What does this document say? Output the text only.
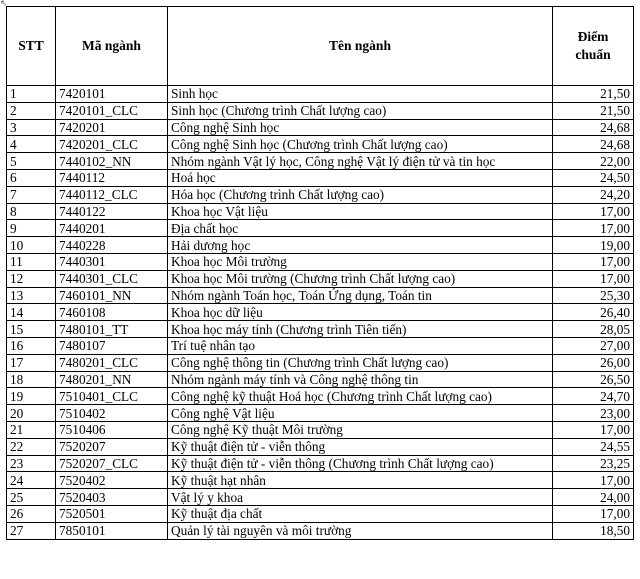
↖
STT	Mã ngành	Tên ngành	Điểm
chuẩn

1	7420101	Sinh học	21,50
2	7420101_CLC	Sinh học (Chương trình Chất lượng cao)	21,50
3	7420201	Công nghệ Sinh học	24,68
4	7420201_CLC	Công nghệ Sinh học (Chương trình Chất lượng cao)	24,68
5	7440102_NN	Nhóm ngành Vật lý học, Công nghệ Vật lý điện tử và tin học	22,00
6	7440112	Hoá học	24,50
7	7440112_CLC	Hóa học (Chương trình Chất lượng cao)	24,20
8	7440122	Khoa học Vật liệu	17,00
9	7440201	Địa chất học	17,00
10	7440228	Hải dương học	19,00
11	7440301	Khoa học Môi trường	17,00
12	7440301_CLC	Khoa học Môi trường (Chương trình Chất lượng cao)	17,00
13	7460101_NN	Nhóm ngành Toán học, Toán Ứng dụng, Toán tin	25,30
14	7460108	Khoa học dữ liệu	26,40
15	7480101_TT	Khoa học máy tính (Chương trình Tiên tiến)	28,05
16	7480107	Trí tuệ nhân tạo	27,00
17	7480201_CLC	Công nghệ thông tin (Chương trình Chất lượng cao)	26,00
18	7480201_NN	Nhóm ngành máy tính và Công nghệ thông tin	26,50
19	7510401_CLC	Công nghệ kỹ thuật Hoá học (Chương trình Chất lượng cao)	24,70
20	7510402	Công nghệ Vật liệu	23,00
21	7510406	Công nghệ Kỹ thuật Môi trường	17,00
22	7520207	Kỹ thuật điện tử - viễn thông	24,55
23	7520207_CLC	Kỹ thuật điện tử - viễn thông (Chương trình Chất lượng cao)	23,25
24	7520402	Kỹ thuật hạt nhân	17,00
25	7520403	Vật lý y khoa	24,00
26	7520501	Kỹ thuật địa chất	17,00
27	7850101	Quản lý tài nguyên và môi trường	18,50
